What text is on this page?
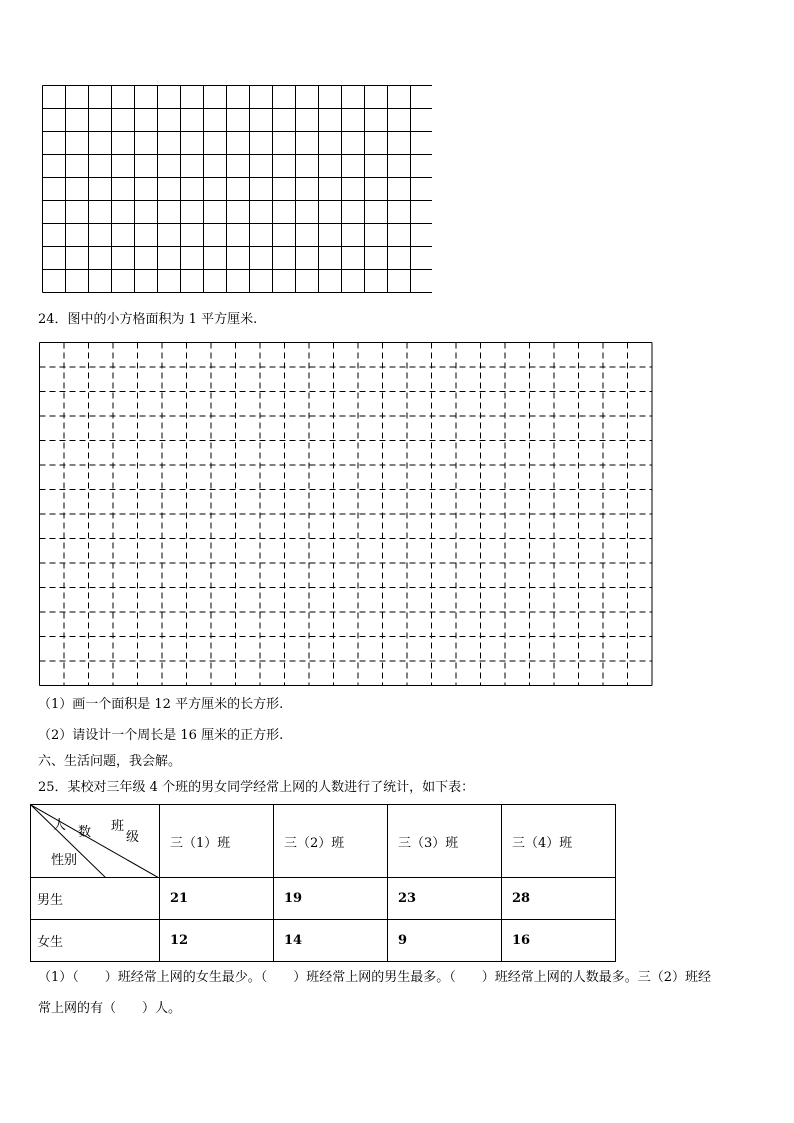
24．图中的小方格面积为 1 平方厘米.
（1）画一个面积是 12 平方厘米的长方形.
（2）请设计一个周长是 16 厘米的正方形.
六、生活问题，我会解。
25．某校对三年级 4 个班的男女同学经常上网的人数进行了统计，如下表：
人 数 班
级
性别	三（1）班	三（2）班	三（3）班	三（4）班
男生	21	19	23	28
女生	12	14	9	16
（1）（　　）班经常上网的女生最少。（　　）班经常上网的男生最多。（　　）班经常上网的人数最多。三（2）班经
常上网的有（　　）人。
